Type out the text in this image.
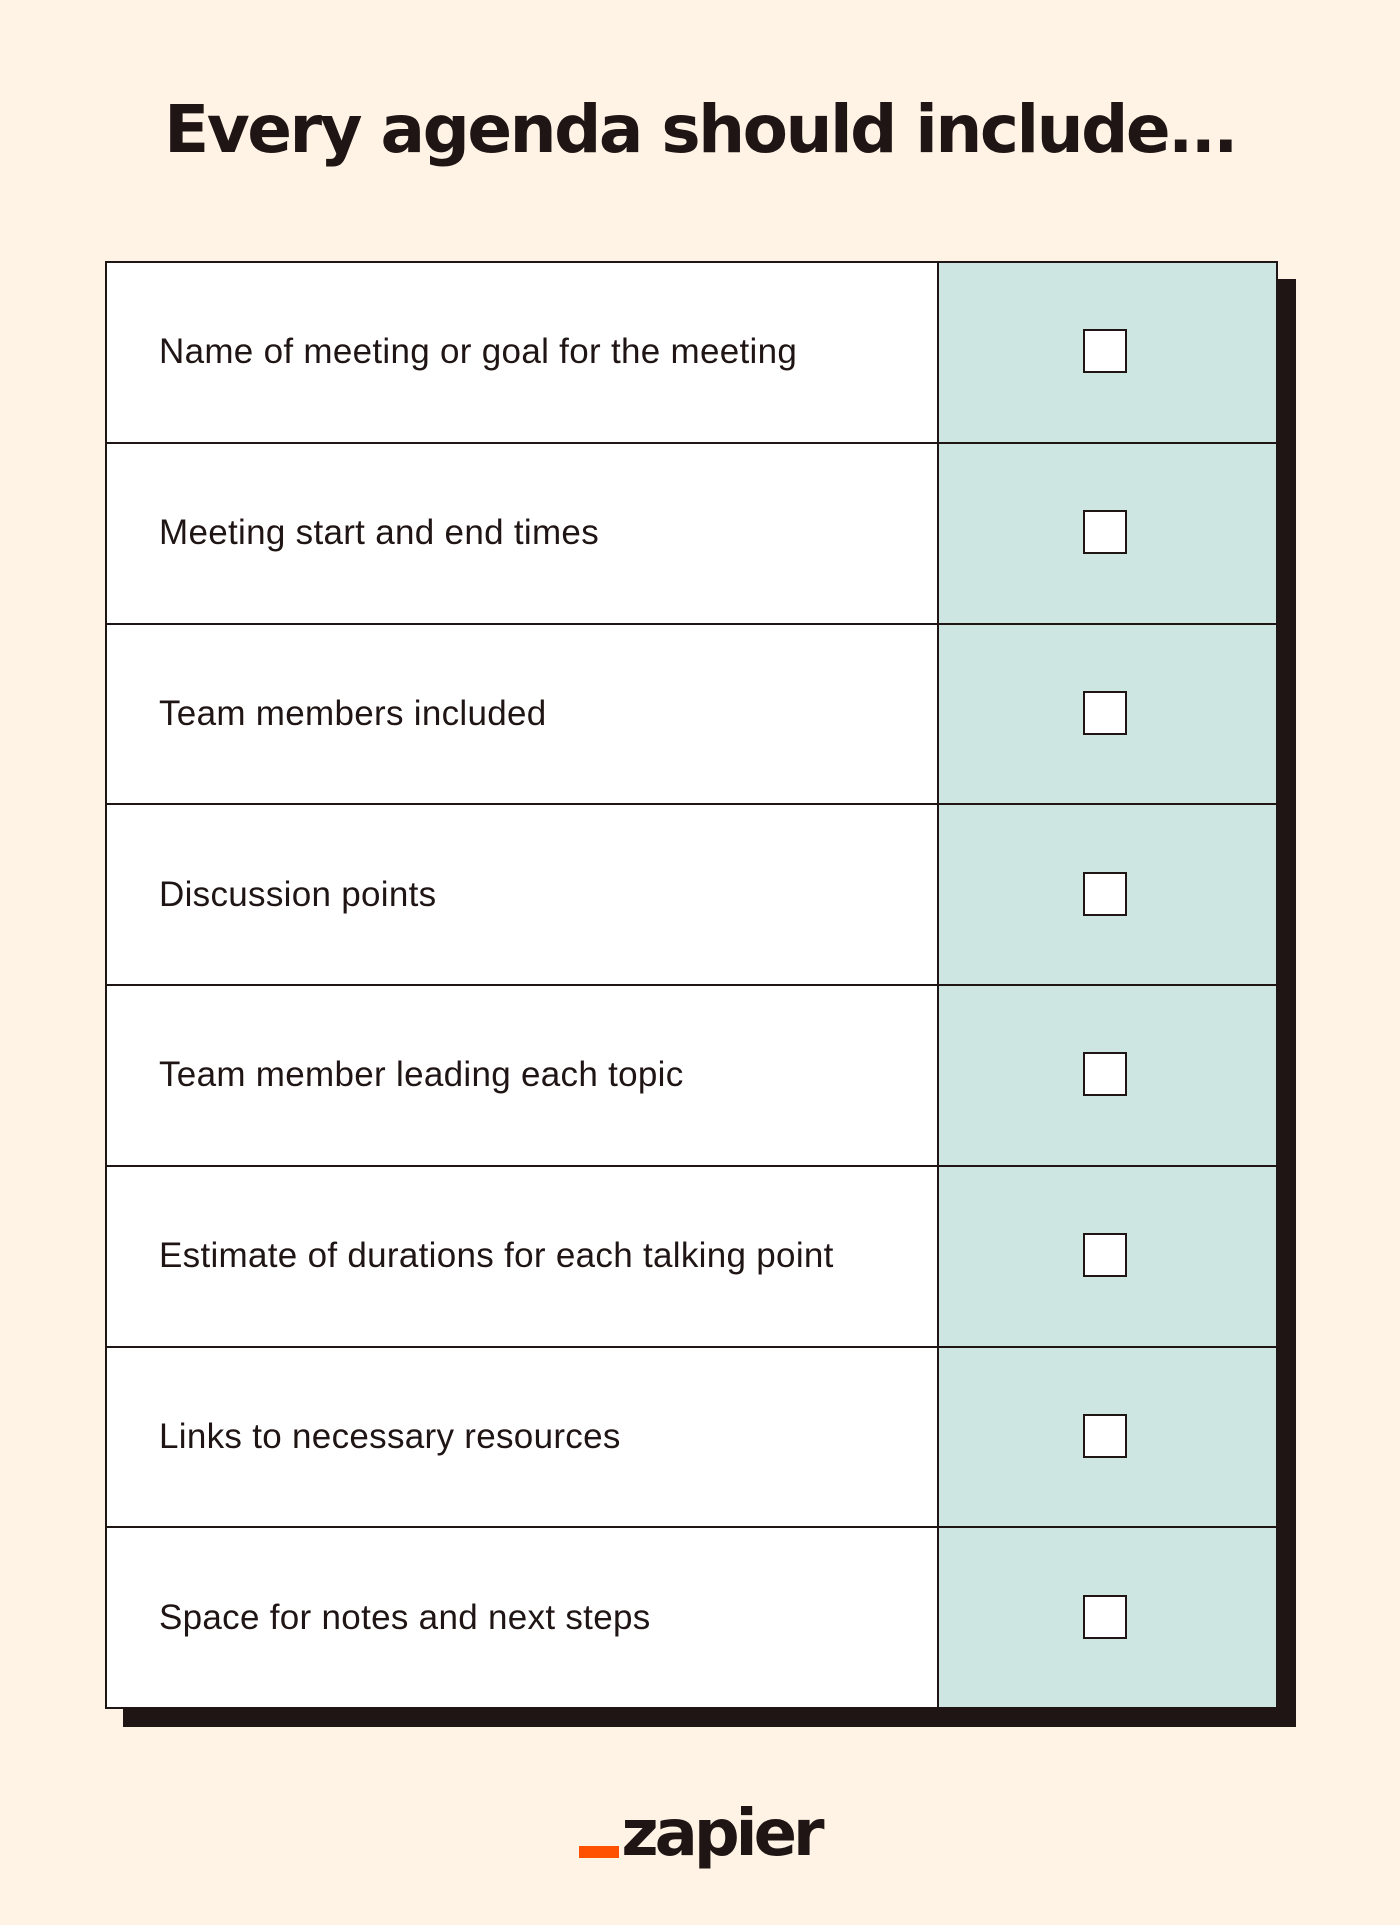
Every agenda should include...
Name of meeting or goal for the meeting
Meeting start and end times
Team members included
Discussion points
Team member leading each topic
Estimate of durations for each talking point
Links to necessary resources
Space for notes and next steps
zapier
